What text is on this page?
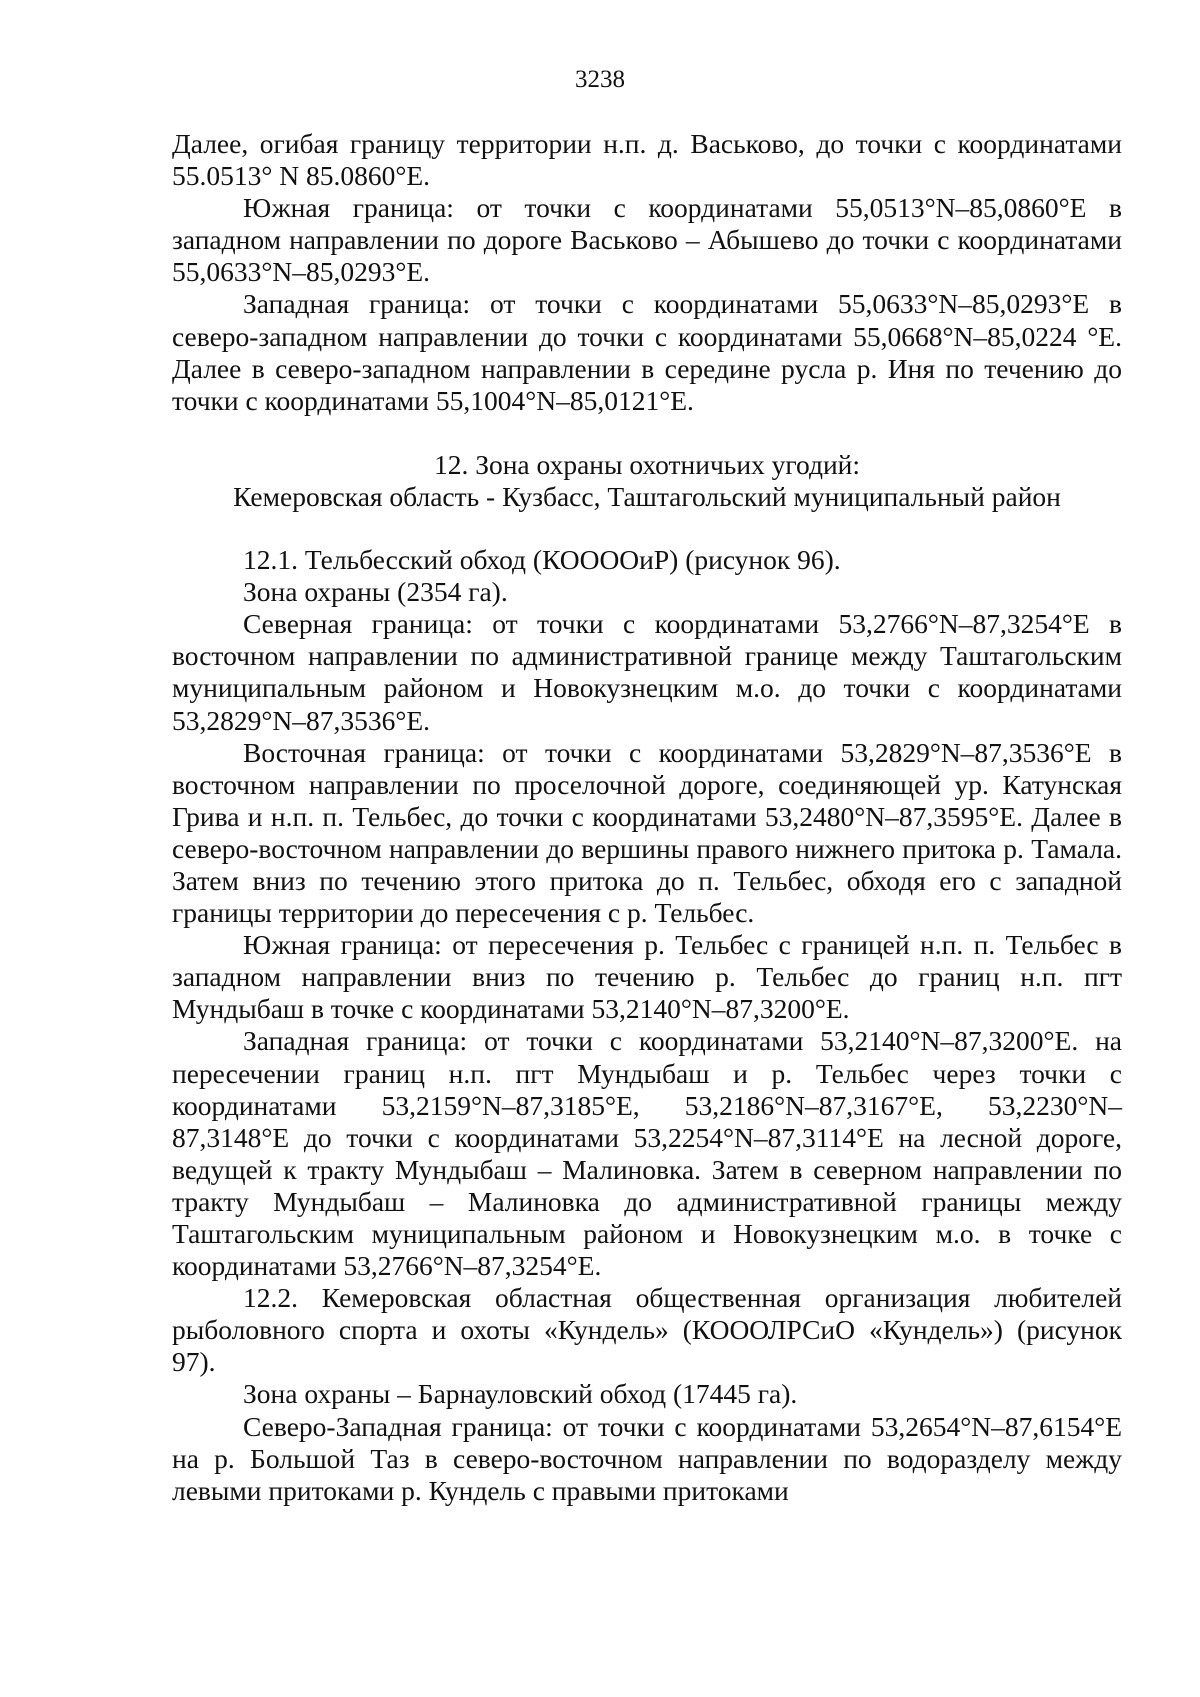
3238

Далее, огибая границу территории н.п. д. Васьково, до точки с координатами 55.0513° N 85.0860°E.

Южная граница: от точки с координатами 55,0513°N–85,0860°E в западном направлении по дороге Васьково – Абышево до точки с координатами 55,0633°N–85,0293°E.

Западная граница: от точки с координатами 55,0633°N–85,0293°E в северо-западном направлении до точки с координатами 55,0668°N–85,0224 °E. Далее в северо-западном направлении в середине русла р. Иня по течению до точки с координатами 55,1004°N–85,0121°E.

12. Зона охраны охотничьих угодий:

Кемеровская область - Кузбасс, Таштагольский муниципальный район

12.1. Тельбесский обход (КООООиР) (рисунок 96).

Зона охраны (2354 га).

Северная граница: от точки с координатами 53,2766°N–87,3254°E в восточном направлении по административной границе между Таштагольским муниципальным районом и Новокузнецким м.о. до точки с координатами 53,2829°N–87,3536°E.

Восточная граница: от точки с координатами 53,2829°N–87,3536°E в восточном направлении по проселочной дороге, соединяющей ур. Катунская Грива и н.п. п. Тельбес, до точки с координатами 53,2480°N–87,3595°E. Далее в северо-восточном направлении до вершины правого нижнего притока р. Тамала. Затем вниз по течению этого притока до п. Тельбес, обходя его с западной границы территории до пересечения с р. Тельбес.

Южная граница: от пересечения р. Тельбес с границей н.п. п. Тельбес в западном направлении вниз по течению р. Тельбес до границ н.п. пгт Мундыбаш в точке с координатами 53,2140°N–87,3200°E.

Западная граница: от точки с координатами 53,2140°N–87,3200°E. на пересечении границ н.п. пгт Мундыбаш и р. Тельбес через точки с координатами 53,2159°N–87,3185°E, 53,2186°N–87,3167°E, 53,2230°N–87,3148°E до точки с координатами 53,2254°N–87,3114°E на лесной дороге, ведущей к тракту Мундыбаш – Малиновка. Затем в северном направлении по тракту Мундыбаш – Малиновка до административной границы между Таштагольским муниципальным районом и Новокузнецким м.о. в точке с координатами 53,2766°N–87,3254°E.

12.2. Кемеровская областная общественная организация любителей рыболовного спорта и охоты «Кундель» (КОООЛРСиО «Кундель») (рисунок 97).

Зона охраны – Барнауловский обход (17445 га).

Северо-Западная граница: от точки с координатами 53,2654°N–87,6154°E на р. Большой Таз в северо-восточном направлении по водоразделу между левыми притоками р. Кундель с правыми притоками
